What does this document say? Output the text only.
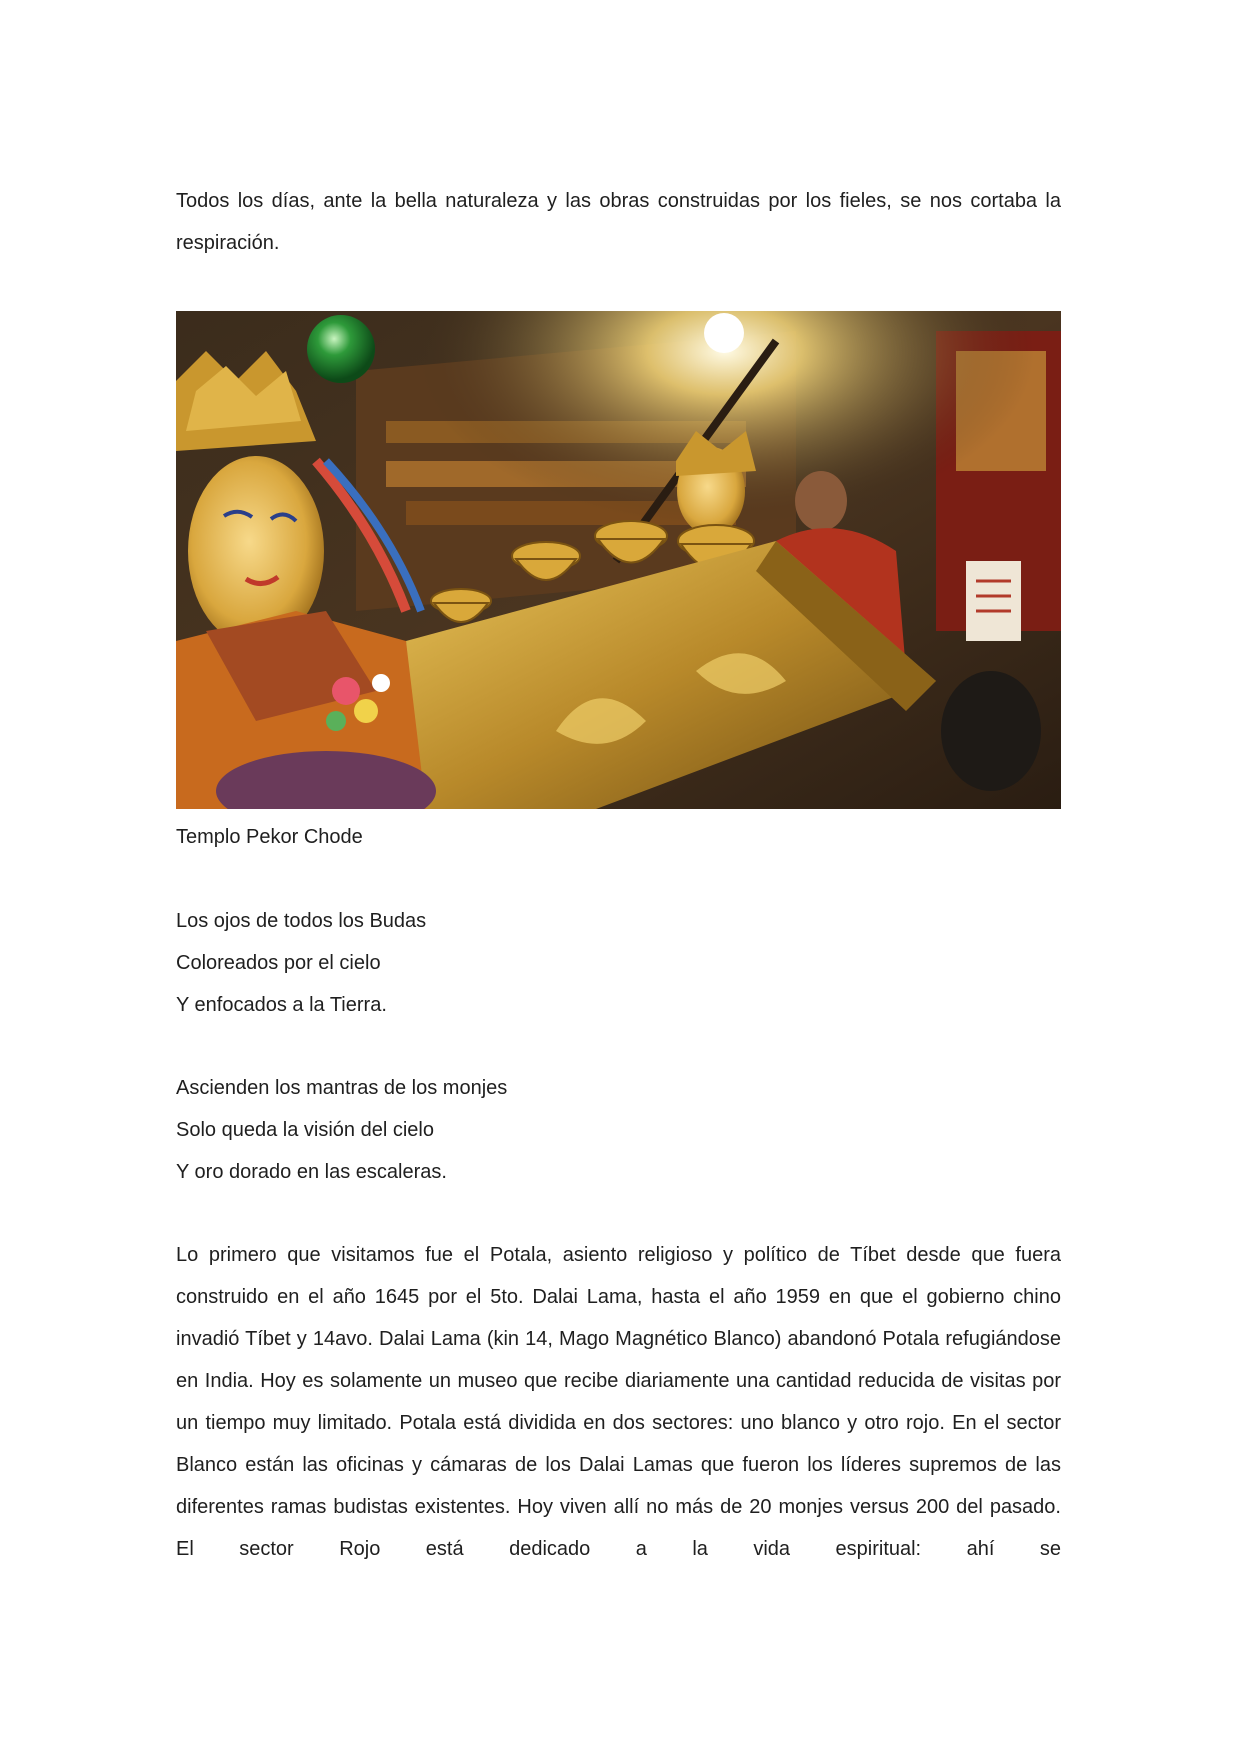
Todos los días, ante la bella naturaleza y las obras construidas por los fieles, se nos cortaba la respiración.

Templo Pekor Chode

Los ojos de todos los Budas
Coloreados por el cielo
Y enfocados a la Tierra.
Ascienden los mantras de los monjes
Solo queda la visión del cielo
Y oro dorado en las escaleras.

Lo primero que visitamos fue el Potala, asiento religioso y político de Tíbet desde que fuera construido en el año 1645 por el 5to. Dalai Lama, hasta el año 1959 en que el gobierno chino invadió Tíbet y 14avo. Dalai Lama (kin 14, Mago Magnético Blanco) abandonó Potala refugiándose en India. Hoy es solamente un museo que recibe diariamente una cantidad reducida de visitas por un tiempo muy limitado. Potala está dividida en dos sectores: uno blanco y otro rojo. En el sector Blanco están las oficinas y cámaras de los Dalai Lamas que fueron los líderes supremos de las diferentes ramas budistas existentes. Hoy viven allí no más de 20 monjes versus 200 del pasado. El sector Rojo está dedicado a la vida espiritual: ahí se
